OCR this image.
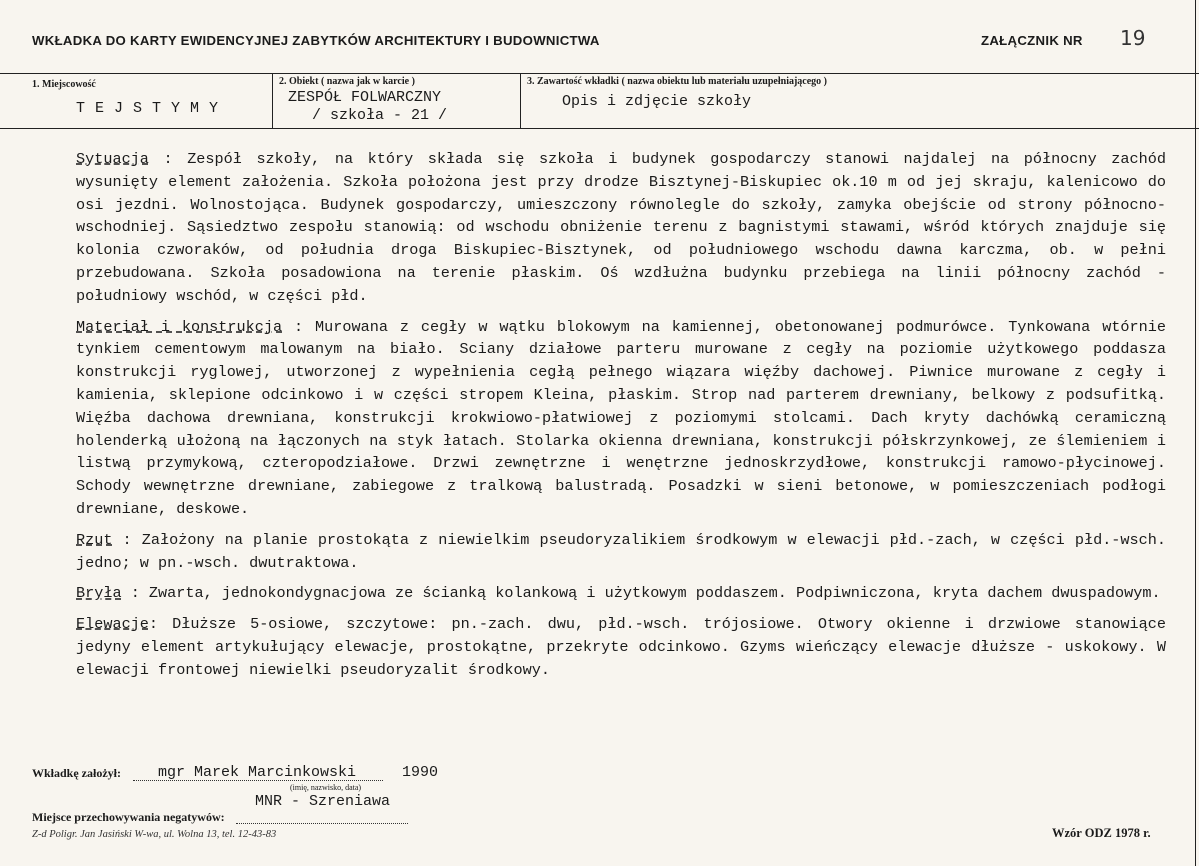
WKŁADKA DO KARTY EWIDENCYJNEJ ZABYTKÓW ARCHITEKTURY I BUDOWNICTWA	ZAŁĄCZNIK NR 19
1. Miejscowość
TEJSTYMY
2. Obiekt ( nazwa jak w karcie )
ZESPÓŁ FOLWARCZNY
/ szkoła - 21 /
3. Zawartość wkładki ( nazwa obiektu lub materiału uzupełniającego )
Opis i zdjęcie szkoły

Sytuacja : Zespół szkoły, na który składa się szkoła i budynek gospodarczy stanowi najdalej na północny zachód wysunięty element założenia. Szkoła położona jest przy drodze Bisztynej-Biskupiec ok.10 m od jej skraju, kalenicowo do osi jezdni. Wolnostojąca. Budynek gospodarczy, umieszczony równolegle do szkoły, zamyka obejście od strony północno-wschodniej. Sąsiedztwo zespołu stanowią: od wschodu obniżenie terenu z bagnistymi stawami, wśród których znajduje się kolonia czworaków, od południa droga Biskupiec-Bisztynek, od południowego wschodu dawna karczma, ob. w pełni przebudowana. Szkoła posadowiona na terenie płaskim. Oś wzdłużna budynku przebiega na linii północny zachód - południowy wschód, w części płd.

Materiał i konstrukcja : Murowana z cegły w wątku blokowym na kamiennej, obetonowanej podmurówce. Tynkowana wtórnie tynkiem cementowym malowanym na biało. Sciany działowe parteru murowane z cegły na poziomie użytkowego poddasza konstrukcji ryglowej, utworzonej z wypełnienia cegłą pełnego wiązara więźby dachowej. Piwnice murowane z cegły i kamienia, sklepione odcinkowo i w części stropem Kleina, płaskim. Strop nad parterem drewniany, belkowy z podsufitką. Więźba dachowa drewniana, konstrukcji krokwiowo-płatwiowej z poziomymi stolcami. Dach kryty dachówką ceramiczną holenderką ułożoną na łączonych na styk łatach. Stolarka okienna drewniana, konstrukcji półskrzynkowej, ze ślemieniem i listwą przymykową, czteropodziałowe. Drzwi zewnętrzne i wenętrzne jednoskrzydłowe, konstrukcji ramowo-płycinowej. Schody wewnętrzne drewniane, zabiegowe z tralkową balustradą. Posadzki w sieni betonowe, w pomieszczeniach podłogi drewniane, deskowe.

Rzut : Założony na planie prostokąta z niewielkim pseudoryzalikiem środkowym w elewacji płd.-zach, w części płd.-wsch. jedno; w pn.-wsch. dwutraktowa.

Bryła : Zwarta, jednokondygnacjowa ze ścianką kolankową i użytkowym poddaszem. Podpiwniczona, kryta dachem dwuspadowym.

Elewacje: Dłuższe 5-osiowe, szczytowe: pn.-zach. dwu, płd.-wsch. trójosiowe. Otwory okienne i drzwiowe stanowiące jedyny element artykułujący elewacje, prostokątne, przekryte odcinkowo. Gzyms wieńczący elewacje dłuższe - uskokowy. W elewacji frontowej niewielki pseudoryzalit środkowy.

Wkładkę założył: mgr Marek Marcinkowski	1990
(imię, nazwisko, data)
MNR - Szreniawa
Miejsce przechowywania negatywów:
Z-d Poligr. Jan Jasiński W-wa, ul. Wolna 13, tel. 12-43-83	Wzór ODZ 1978 r.
